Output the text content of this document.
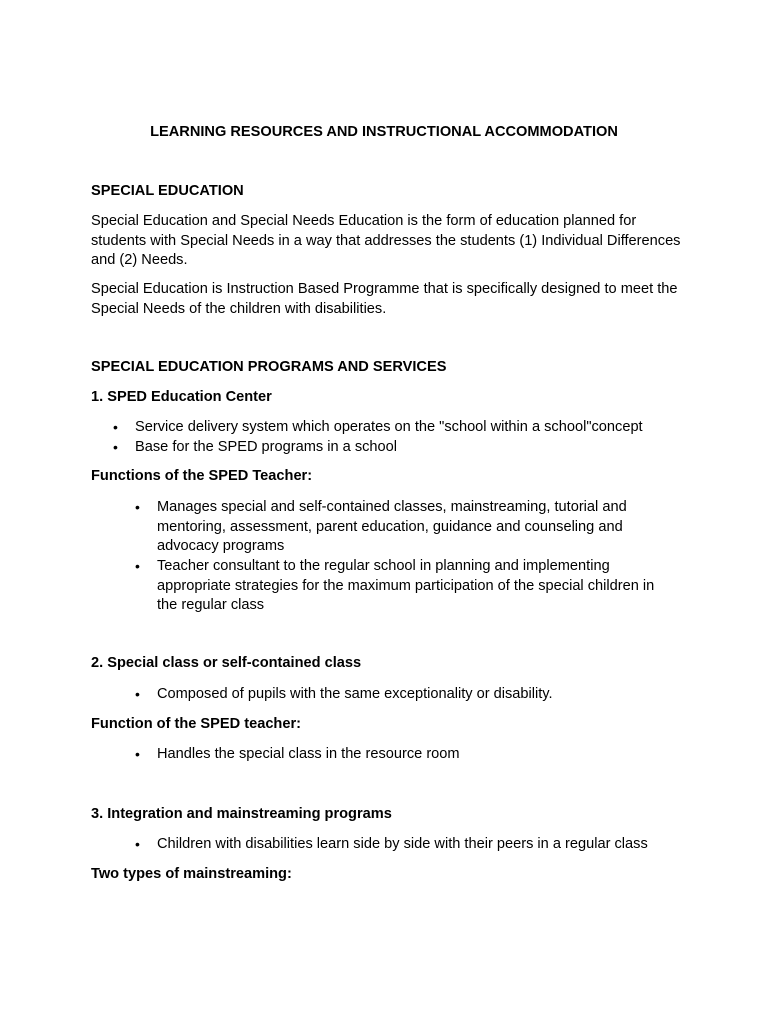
LEARNING RESOURCES AND INSTRUCTIONAL ACCOMMODATION
SPECIAL EDUCATION
Special Education and Special Needs Education is the form of education planned for students with Special Needs in a way that addresses the students (1) Individual Differences and (2) Needs.
Special Education is Instruction Based Programme that is specifically designed to meet the Special Needs of the children with disabilities.
SPECIAL EDUCATION PROGRAMS AND SERVICES
1. SPED Education Center
• Service delivery system which operates on the "school within a school"concept
• Base for the SPED programs in a school
Functions of the SPED Teacher:
• Manages special and self-contained classes, mainstreaming, tutorial and mentoring, assessment, parent education, guidance and counseling and advocacy programs
• Teacher consultant to the regular school in planning and implementing appropriate strategies for the maximum participation of the special children in the regular class
2. Special class or self-contained class
• Composed of pupils with the same exceptionality or disability.
Function of the SPED teacher:
• Handles the special class in the resource room
3. Integration and mainstreaming programs
• Children with disabilities learn side by side with their peers in a regular class
Two types of mainstreaming:
